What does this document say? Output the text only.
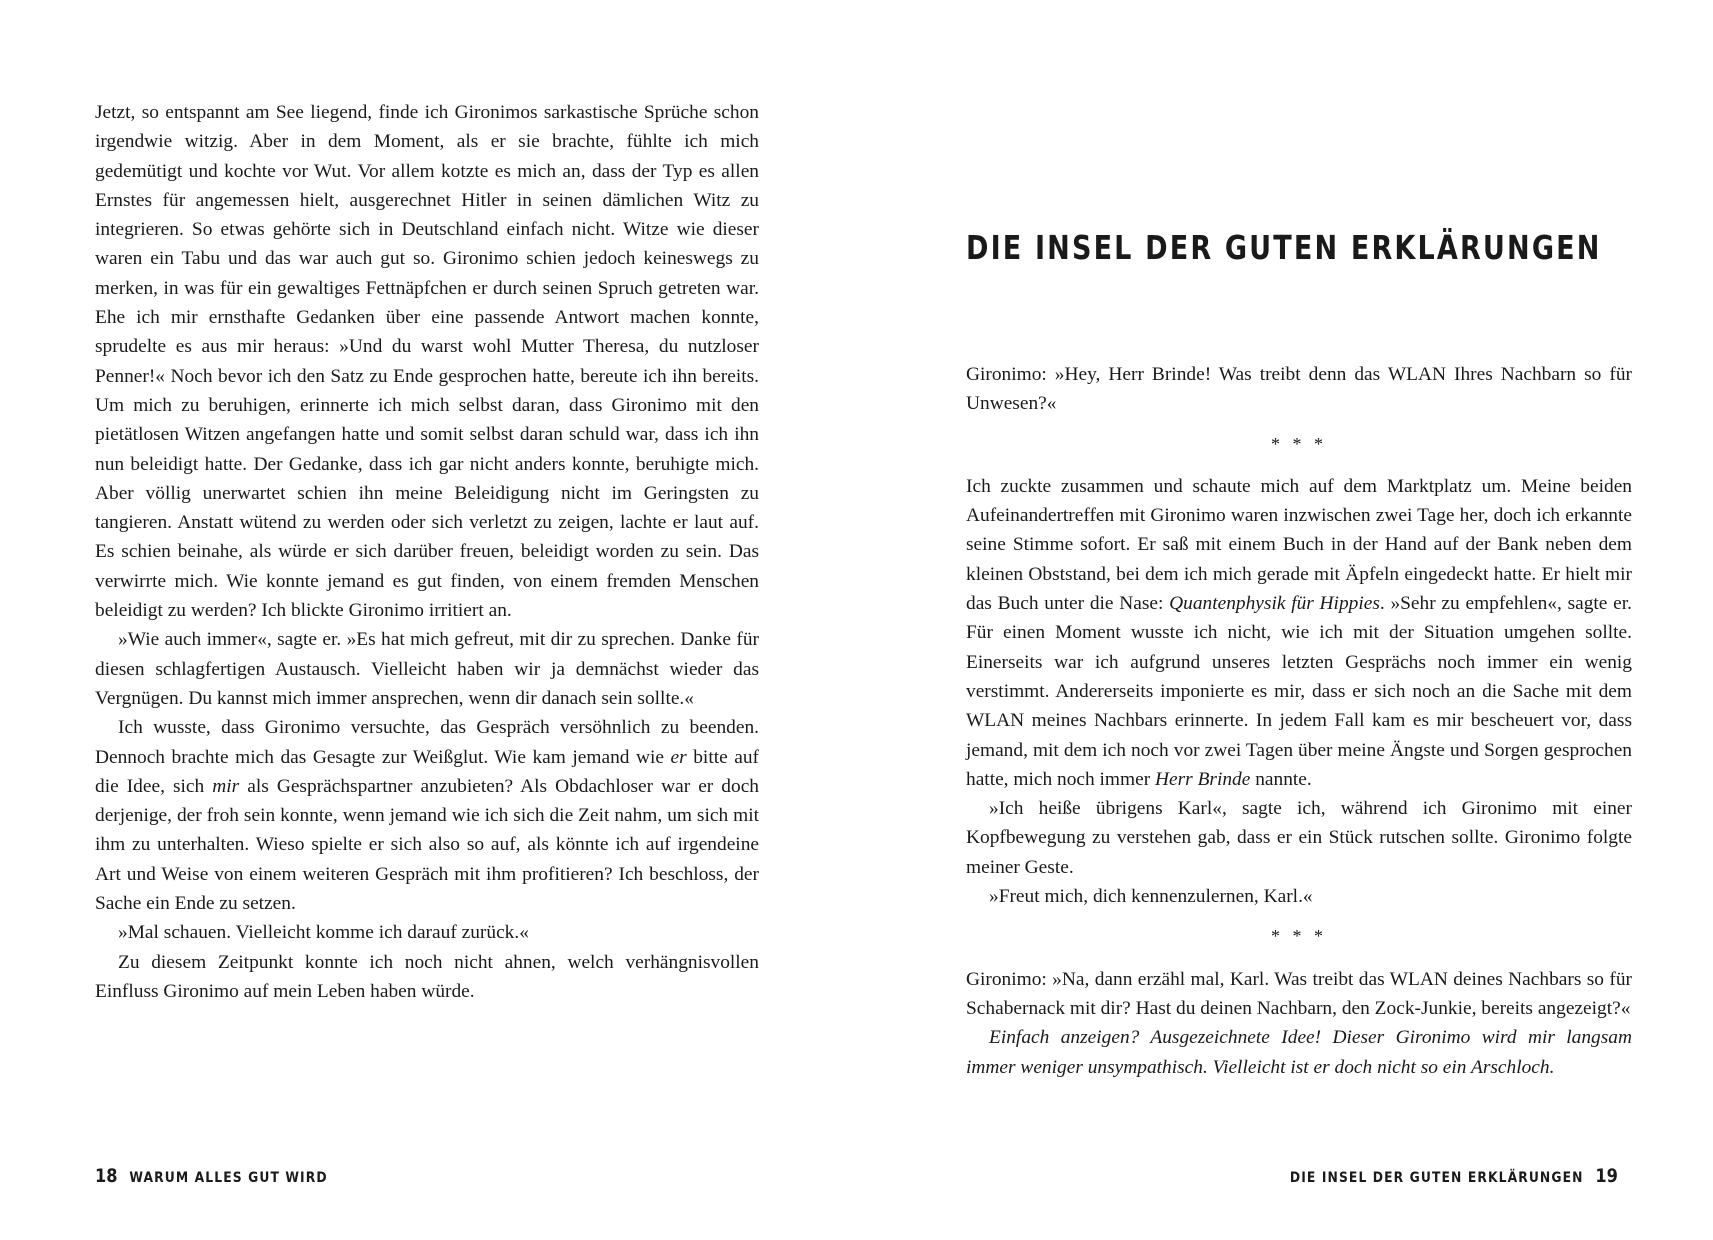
Jetzt, so entspannt am See liegend, finde ich Gironimos sarkastische Sprüche schon irgendwie witzig. Aber in dem Moment, als er sie brachte, fühlte ich mich gedemütigt und kochte vor Wut. Vor allem kotzte es mich an, dass der Typ es allen Ernstes für angemessen hielt, ausgerechnet Hitler in seinen dämlichen Witz zu integrieren. So etwas gehörte sich in Deutschland einfach nicht. Witze wie dieser waren ein Tabu und das war auch gut so. Gironimo schien jedoch keineswegs zu merken, in was für ein gewaltiges Fettnäpfchen er durch seinen Spruch getreten war. Ehe ich mir ernsthafte Gedanken über eine passende Antwort machen konnte, sprudelte es aus mir heraus: »Und du warst wohl Mutter Theresa, du nutzloser Penner!« Noch bevor ich den Satz zu Ende gesprochen hatte, bereute ich ihn bereits. Um mich zu beruhigen, erinnerte ich mich selbst daran, dass Gironimo mit den pietätlosen Witzen angefangen hatte und somit selbst daran schuld war, dass ich ihn nun beleidigt hatte. Der Gedanke, dass ich gar nicht anders konnte, beruhigte mich. Aber völlig unerwartet schien ihn meine Beleidigung nicht im Geringsten zu tangieren. Anstatt wütend zu werden oder sich verletzt zu zeigen, lachte er laut auf. Es schien beinahe, als würde er sich darüber freuen, beleidigt worden zu sein. Das verwirrte mich. Wie konnte jemand es gut finden, von einem fremden Menschen beleidigt zu werden? Ich blickte Gironimo irritiert an.

»Wie auch immer«, sagte er. »Es hat mich gefreut, mit dir zu sprechen. Danke für diesen schlagfertigen Austausch. Vielleicht haben wir ja demnächst wieder das Vergnügen. Du kannst mich immer ansprechen, wenn dir danach sein sollte.«

Ich wusste, dass Gironimo versuchte, das Gespräch versöhnlich zu beenden. Dennoch brachte mich das Gesagte zur Weißglut. Wie kam jemand wie er bitte auf die Idee, sich mir als Gesprächspartner anzubieten? Als Obdachloser war er doch derjenige, der froh sein konnte, wenn jemand wie ich sich die Zeit nahm, um sich mit ihm zu unterhalten. Wieso spielte er sich also so auf, als könnte ich auf irgendeine Art und Weise von einem weiteren Gespräch mit ihm profitieren? Ich beschloss, der Sache ein Ende zu setzen.

»Mal schauen. Vielleicht komme ich darauf zurück.«

Zu diesem Zeitpunkt konnte ich noch nicht ahnen, welch verhängnisvollen Einfluss Gironimo auf mein Leben haben würde.

18 WARUM ALLES GUT WIRD
DIE INSEL DER GUTEN ERKLÄRUNGEN

Gironimo: »Hey, Herr Brinde! Was treibt denn das WLAN Ihres Nachbarn so für Unwesen?«

* * *

Ich zuckte zusammen und schaute mich auf dem Marktplatz um. Meine beiden Aufeinandertreffen mit Gironimo waren inzwischen zwei Tage her, doch ich erkannte seine Stimme sofort. Er saß mit einem Buch in der Hand auf der Bank neben dem kleinen Obststand, bei dem ich mich gerade mit Äpfeln eingedeckt hatte. Er hielt mir das Buch unter die Nase: Quantenphysik für Hippies. »Sehr zu empfehlen«, sagte er. Für einen Moment wusste ich nicht, wie ich mit der Situation umgehen sollte. Einerseits war ich aufgrund unseres letzten Gesprächs noch immer ein wenig verstimmt. Andererseits imponierte es mir, dass er sich noch an die Sache mit dem WLAN meines Nachbars erinnerte. In jedem Fall kam es mir bescheuert vor, dass jemand, mit dem ich noch vor zwei Tagen über meine Ängste und Sorgen gesprochen hatte, mich noch immer Herr Brinde nannte.

»Ich heiße übrigens Karl«, sagte ich, während ich Gironimo mit einer Kopfbewegung zu verstehen gab, dass er ein Stück rutschen sollte. Gironimo folgte meiner Geste.

»Freut mich, dich kennenzulernen, Karl.«

* * *

Gironimo: »Na, dann erzähl mal, Karl. Was treibt das WLAN deines Nachbars so für Schabernack mit dir? Hast du deinen Nachbarn, den Zock-Junkie, bereits angezeigt?«

Einfach anzeigen? Ausgezeichnete Idee! Dieser Gironimo wird mir langsam immer weniger unsympathisch. Vielleicht ist er doch nicht so ein Arschloch.

DIE INSEL DER GUTEN ERKLÄRUNGEN 19
